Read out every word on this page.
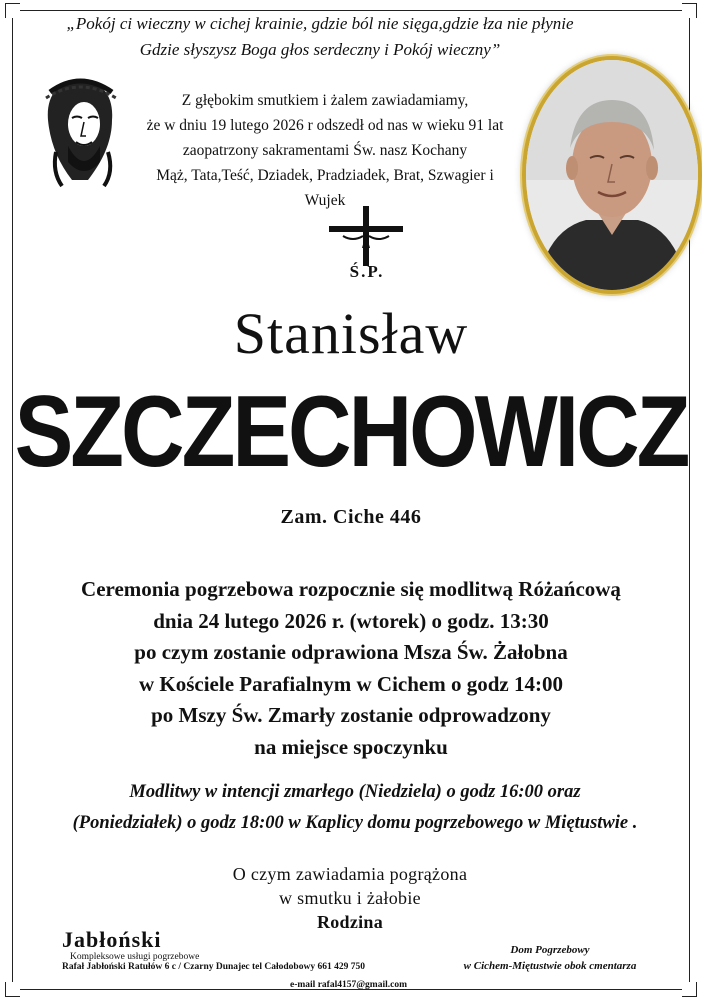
„Pokój ci wieczny w cichej krainie, gdzie ból nie sięga,gdzie łza nie płynie
Gdzie słyszysz Boga głos serdeczny i Pokój wieczny”

Z głębokim smutkiem i żalem zawiadamiamy,

że w dniu 19 lutego 2026 r odszedł od nas w wieku 91 lat

zaopatrzony sakramentami Św. nasz Kochany

Mąż, Tata,Teść, Dziadek, Pradziadek, Brat, Szwagier i Wujek

Ś.P.
Stanisław
SZCZECHOWICZ
Zam. Ciche 446

Ceremonia pogrzebowa rozpocznie się modlitwą Różańcową

dnia 24 lutego 2026 r. (wtorek) o godz. 13:30

po czym zostanie odprawiona Msza Św. Żałobna

w Kościele Parafialnym w Cichem o godz 14:00

po Mszy Św. Zmarły zostanie odprowadzony

na miejsce spoczynku

Modlitwy w intencji zmarłego (Niedziela) o godz 16:00 oraz

(Poniedziałek) o godz 18:00 w Kaplicy domu pogrzebowego w Miętustwie .

O czym zawiadamia pogrążona

w smutku i żałobie

Rodzina

Jabłoński
Kompleksowe usługi pogrzebowe
Rafał Jabłoński Ratułów 6 c / Czarny Dunajec tel Całodobowy 661 429 750
e-mail rafal4157@gmail.com

Dom Pogrzebowy

w Cichem-Miętustwie obok cmentarza
